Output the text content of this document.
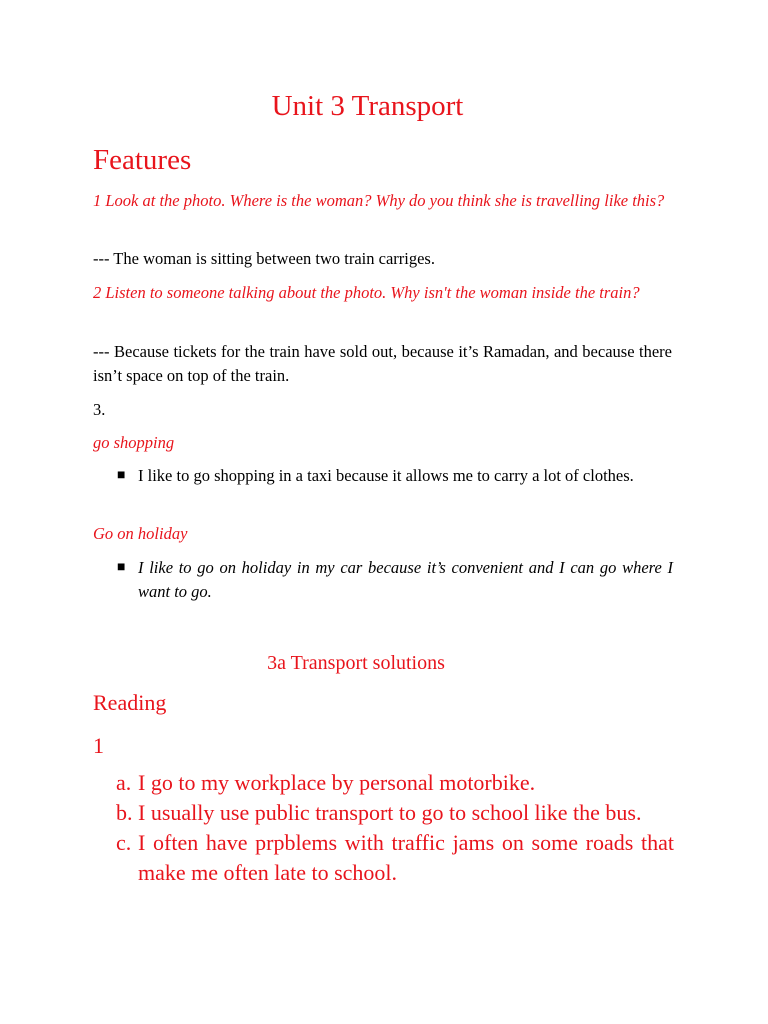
Unit 3 Transport
Features

1 Look at the photo. Where is the woman? Why do you think she is travelling like this?

--- The woman is sitting between two train carriges.

2 Listen to someone talking about the photo. Why isn't the woman inside the train?

--- Because tickets for the train have sold out, because it’s Ramadan, and because there isn’t space on top of the train.

3.

go shopping

■ I like to go shopping in a taxi because it allows me to carry a lot of clothes.

Go on holiday

■ I like to go on holiday in my car because it’s convenient and I can go where I want to go.
3a Transport solutions
Reading

1

a. I go to my workplace by personal motorbike.
b. I usually use public transport to go to school like the bus.
c. I often have prpblems with traffic jams on some roads that make me often late to school.
